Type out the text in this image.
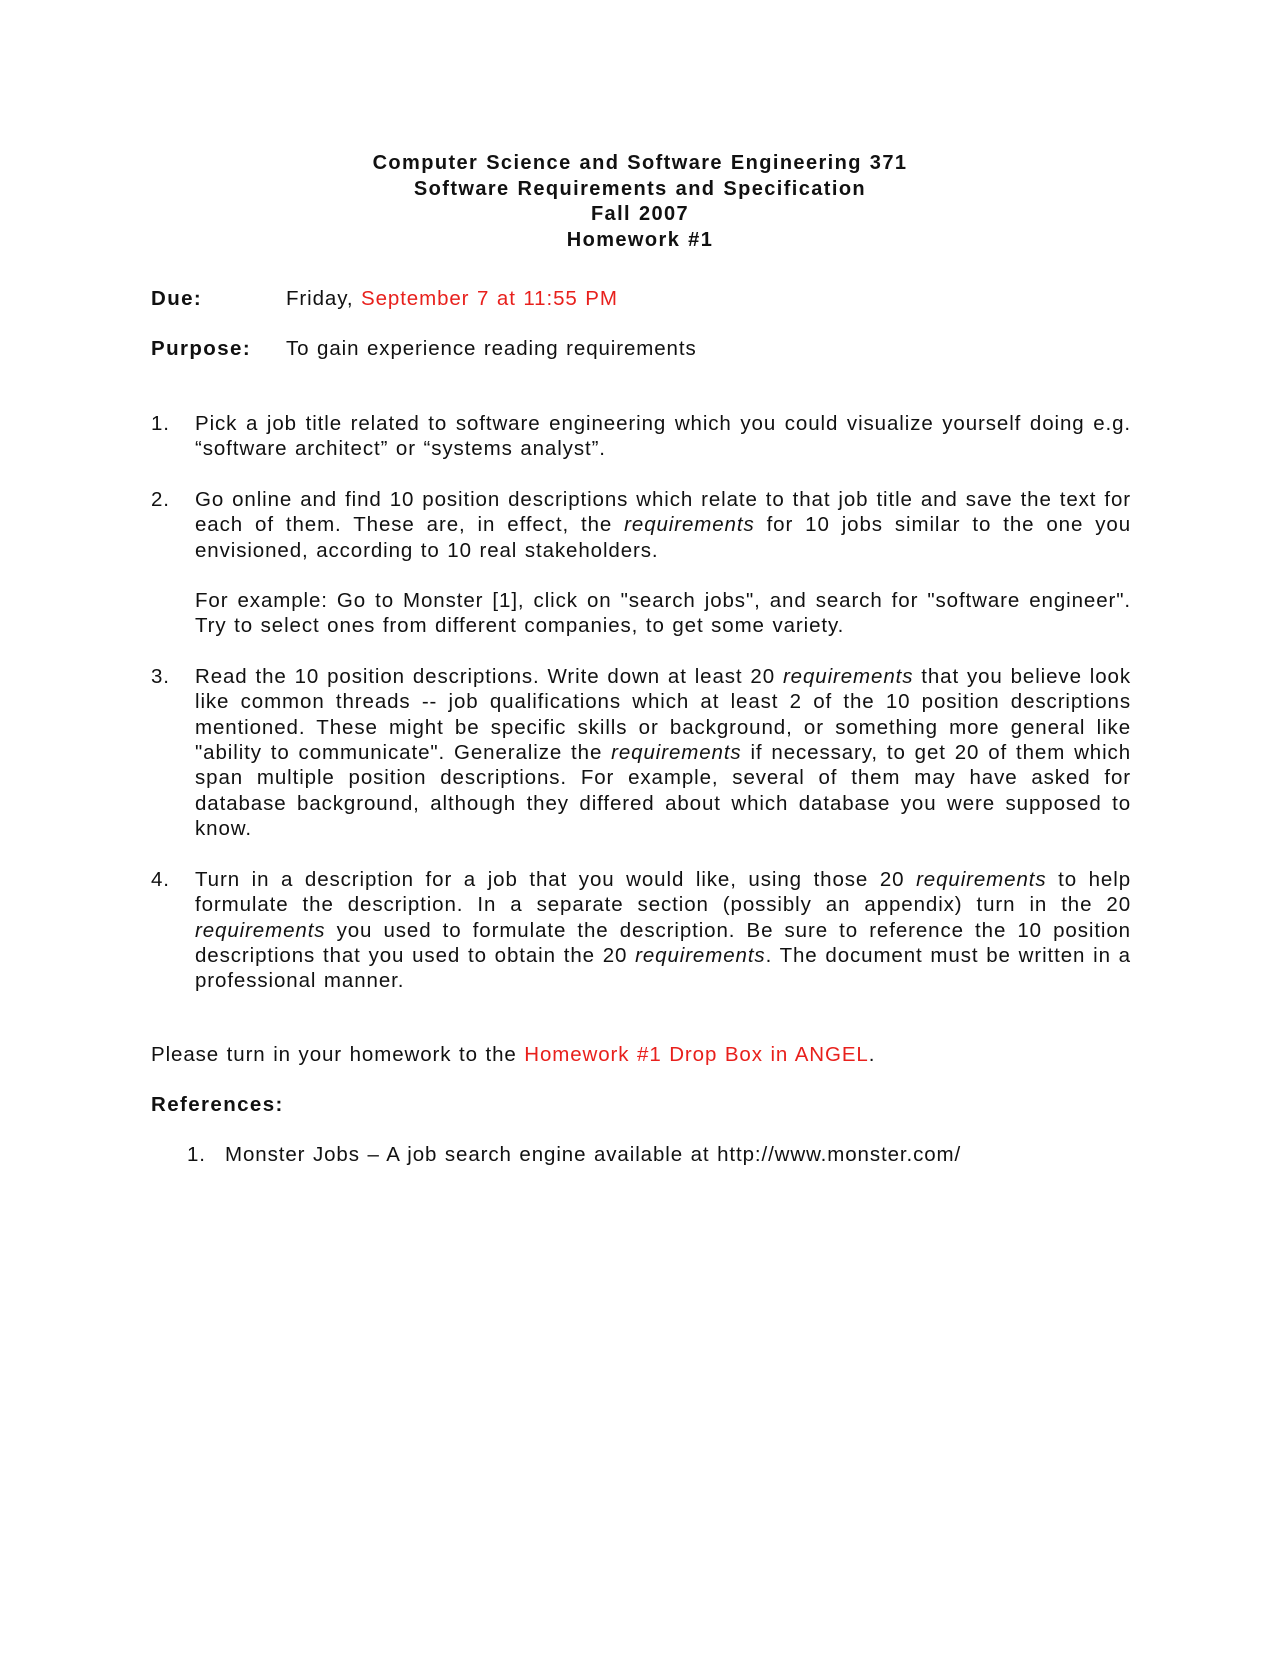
Computer Science and Software Engineering 371
Software Requirements and Specification
Fall 2007
Homework #1
Due:	Friday, September 7 at 11:55 PM
Purpose: To gain experience reading requirements
1. Pick a job title related to software engineering which you could visualize yourself doing e.g. “software architect” or “systems analyst”.

2. Go online and find 10 position descriptions which relate to that job title and save the text for each of them. These are, in effect, the requirements for 10 jobs similar to the one you envisioned, according to 10 real stakeholders.

For example: Go to Monster [1], click on "search jobs", and search for "software engineer". Try to select ones from different companies, to get some variety.

3. Read the 10 position descriptions. Write down at least 20 requirements that you believe look like common threads -- job qualifications which at least 2 of the 10 position descriptions mentioned. These might be specific skills or background, or something more general like "ability to communicate". Generalize the requirements if necessary, to get 20 of them which span multiple position descriptions. For example, several of them may have asked for database background, although they differed about which database you were supposed to know.

4. Turn in a description for a job that you would like, using those 20 requirements to help formulate the description. In a separate section (possibly an appendix) turn in the 20 requirements you used to formulate the description. Be sure to reference the 10 position descriptions that you used to obtain the 20 requirements. The document must be written in a professional manner.

Please turn in your homework to the Homework #1 Drop Box in ANGEL.
References:
1. Monster Jobs – A job search engine available at http://www.monster.com/
